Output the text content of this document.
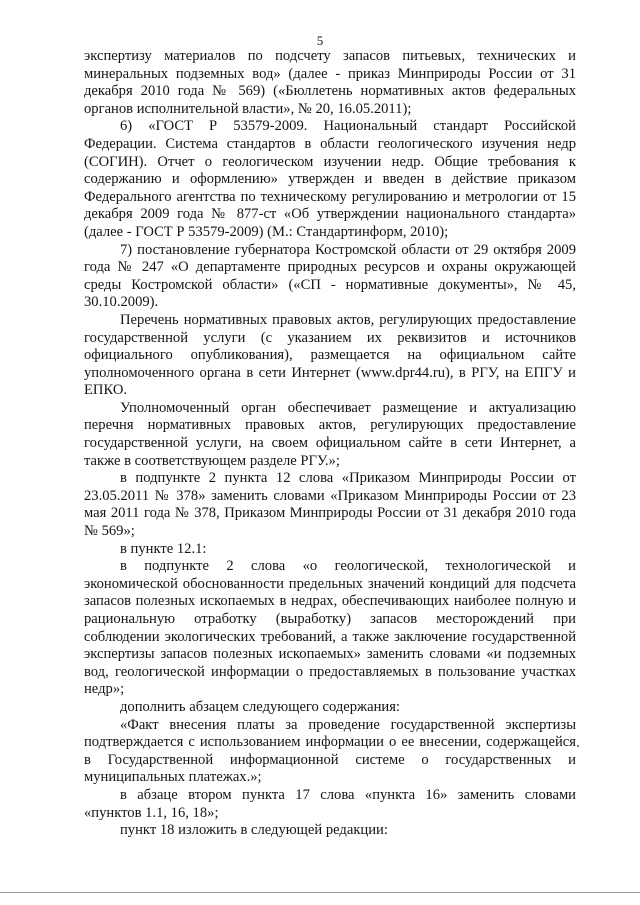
5

экспертизу материалов по подсчету запасов питьевых, технических и минеральных подземных вод» (далее - приказ Минприроды России от 31 декабря 2010 года № 569) («Бюллетень нормативных актов федеральных органов исполнительной власти», № 20, 16.05.2011);

6) «ГОСТ Р 53579-2009. Национальный стандарт Российской Федерации. Система стандартов в области геологического изучения недр (СОГИН). Отчет о геологическом изучении недр. Общие требования к содержанию и оформлению» утвержден и введен в действие приказом Федерального агентства по техническому регулированию и метрологии от 15 декабря 2009 года № 877-ст «Об утверждении национального стандарта» (далее - ГОСТ Р 53579-2009) (М.: Стандартинформ, 2010);

7) постановление губернатора Костромской области от 29 октября 2009 года № 247 «О департаменте природных ресурсов и охраны окружающей среды Костромской области» («СП - нормативные документы», № 45, 30.10.2009).

Перечень нормативных правовых актов, регулирующих предоставление государственной услуги (с указанием их реквизитов и источников официального опубликования), размещается на официальном сайте уполномоченного органа в сети Интернет (www.dpr44.ru), в РГУ, на ЕПГУ и ЕПКО.

Уполномоченный орган обеспечивает размещение и актуализацию перечня нормативных правовых актов, регулирующих предоставление государственной услуги, на своем официальном сайте в сети Интернет, а также в соответствующем разделе РГУ.»;

в подпункте 2 пункта 12 слова «Приказом Минприроды России от 23.05.2011 № 378» заменить словами «Приказом Минприроды России от 23 мая 2011 года № 378, Приказом Минприроды России от 31 декабря 2010 года № 569»;

в пункте 12.1:

в подпункте 2 слова «о геологической, технологической и экономической обоснованности предельных значений кондиций для подсчета запасов полезных ископаемых в недрах, обеспечивающих наиболее полную и рациональную отработку (выработку) запасов месторождений при соблюдении экологических требований, а также заключение государственной экспертизы запасов полезных ископаемых» заменить словами «и подземных вод, геологической информации о предоставляемых в пользование участках недр»;

дополнить абзацем следующего содержания:

«Факт внесения платы за проведение государственной экспертизы подтверждается с использованием информации о ее внесении, содержащейся в Государственной информационной системе о государственных и муниципальных платежах.»;

в абзаце втором пункта 17 слова «пункта 16» заменить словами «пунктов 1.1, 16, 18»;

пункт 18 изложить в следующей редакции:
